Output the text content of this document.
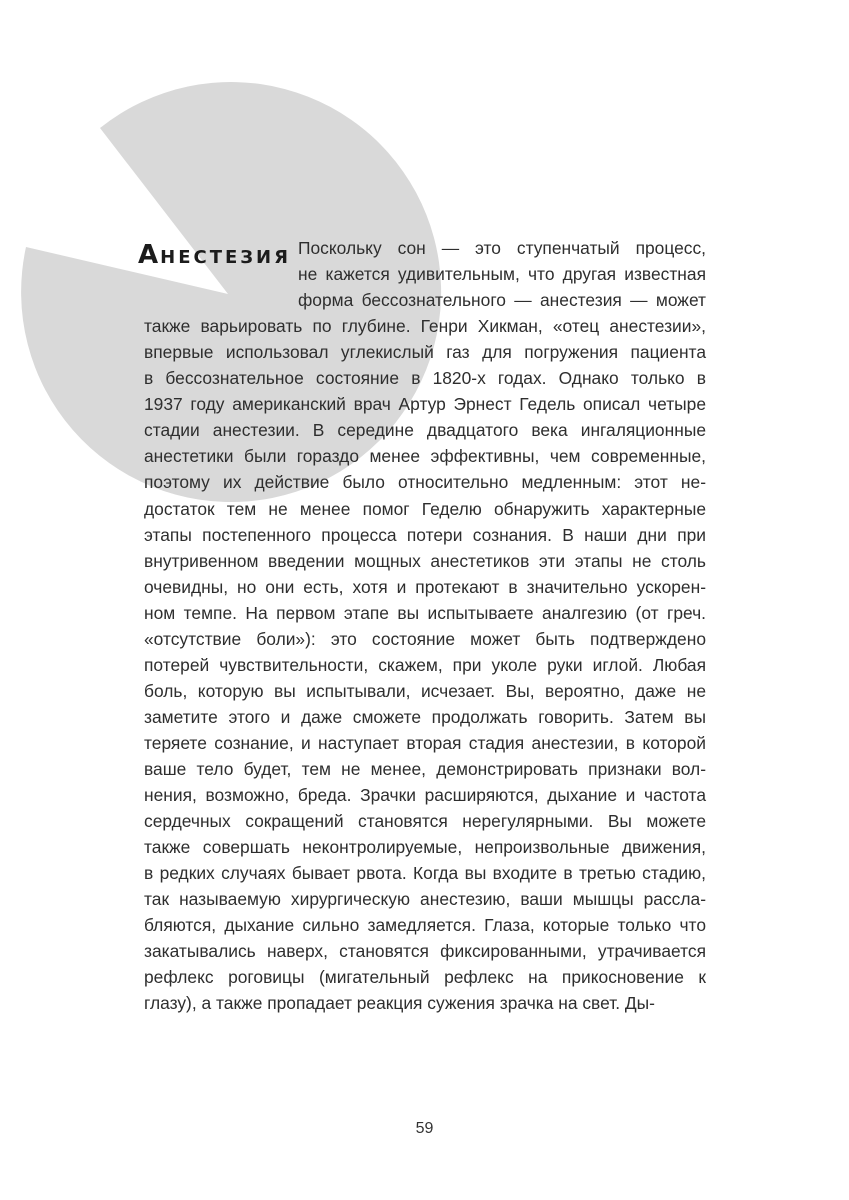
АНЕСТЕЗИЯ Поскольку сон — это ступенчатый процесс,
не кажется удивительным, что другая известная
форма бессознательного — анестезия — может
также варьировать по глубине. Генри Хикман, «отец анестезии»,
впервые использовал углекислый газ для погружения пациента
в бессознательное состояние в 1820-х годах. Однако только в
1937 году американский врач Артур Эрнест Гедель описал четыре
стадии анестезии. В середине двадцатого века ингаляционные
анестетики были гораздо менее эффективны, чем современные,
поэтому их действие было относительно медленным: этот не-
достаток тем не менее помог Геделю обнаружить характерные
этапы постепенного процесса потери сознания. В наши дни при
внутривенном введении мощных анестетиков эти этапы не столь
очевидны, но они есть, хотя и протекают в значительно ускорен-
ном темпе. На первом этапе вы испытываете аналгезию (от греч.
«отсутствие боли»): это состояние может быть подтверждено
потерей чувствительности, скажем, при уколе руки иглой. Любая
боль, которую вы испытывали, исчезает. Вы, вероятно, даже не
заметите этого и даже сможете продолжать говорить. Затем вы
теряете сознание, и наступает вторая стадия анестезии, в которой
ваше тело будет, тем не менее, демонстрировать признаки вол-
нения, возможно, бреда. Зрачки расширяются, дыхание и частота
сердечных сокращений становятся нерегулярными. Вы можете
также совершать неконтролируемые, непроизвольные движения,
в редких случаях бывает рвота. Когда вы входите в третью стадию,
так называемую хирургическую анестезию, ваши мышцы рассла-
бляются, дыхание сильно замедляется. Глаза, которые только что
закатывались наверх, становятся фиксированными, утрачивается
рефлекс роговицы (мигательный рефлекс на прикосновение к
глазу), а также пропадает реакция сужения зрачка на свет. Ды-
59
